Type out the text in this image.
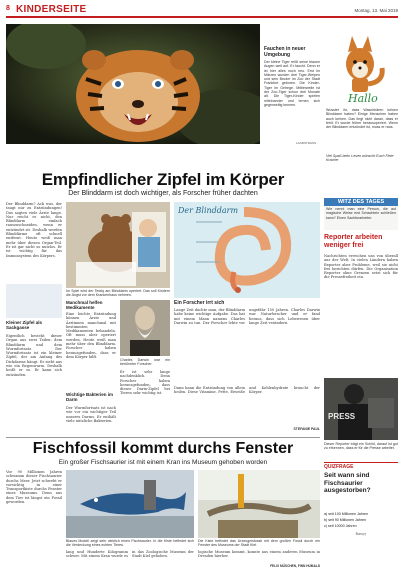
8 KINDERSEITE	Montag, 13. Mai 2019
Fauchen in neuer Umgebung
Der kleine Tiger reißt seine blauen Augen weit auf. Er faucht. Denn er ist hier alles noch neu. Erst im Märzen wurden drei Tiger-Welpen und sein Bruder im Zoo der Stadt Frankfurt geboren. Die Kinder-Tiger im Gehege. Mittlerweile ist der Zoo-Tiger schon drei Monate alt. Die Tiger-Kinder spielen miteinander und lernen sich gegenseitig kennen.
LANDSTRASS
Hallo
Wusstet ihr, dass Waschbären keinen Blinddarm haben? Einige Menschen haben auch keinen. Das liegt nicht daran, dass er fehlt. Er wurde früher herausoperiert. Wenn der Blinddarm entzündet ist, muss er raus.
Viel Spaß beim Lesen wünscht Euch Fiete Kracher
Empfindlicher Zipfel im Körper
Der Blinddarm ist doch wichtiger, als Forscher früher dachten
Der Blinddarm? Ach was, der taugt nur zu Entzündungen! Das sagten viele Ärzte lange. Nur reicht es nicht, den Blinddarm einfach rauszuschneiden, wenn er entzündet ist. Deshalb werden Blinddärme oft schnell entfernt. Heute weiß man mehr über diesen Organ-Teil. Er ist gar nicht so nutzlos. Er ist wichtig für das Immunsystem des Körpers.
Kleiner Zipfel als Sackgasse
Eigentlich besteht dieser Organ aus zwei Teilen: dem Blinddarm und dem Wurmfortsatz. Der Wurmfortsatz ist ein kleiner Zipfel, der am Anfang des Dickdarms hängt. Er sieht aus wie ein Regenwurm. Deshalb heißt er so. Er kann sich entzünden.
Im Spiel wird der Teddy am Blinddarm operiert. Das soll Kindern die Angst vor dem Krankenhaus nehmen.
Manchmal helfen Medikamente
Eine leichte Entzündung können Ärzte und Ärztinnen manchmal mit bestimmten Medikamenten behandeln. Oft muss aber operiert werden. Heute weiß man mehr über den Blinddarm. Forscher haben herausgefunden, dass er dem Körper hilft.
Wichtige Bakterien im Darm
Der Wurmfortsatz ist nach wie vor ein wichtiger Teil unseres Darms. Er enthält viele nützliche Bakterien.
Charles Darwin war ein berühmter Forscher.
Er ist sehr lange nachdenklich. Denn Forscher haben herausgefunden, dass dieser Darm-Zipfel bei Tieren sehr wichtig ist.
Der Blinddarm
Ein Forscher irrt sich
Lange Zeit dachte man, der Blinddarm habe keine wichtige Aufgabe. Das hat mit einem Mann namens Charles Darwin zu tun. Der Forscher lebte vor ungefähr 150 Jahren. Charles Darwin war Naturforscher und er fand heraus, dass sich Lebewesen über lange Zeit verändern.
Dann kann die Entzündung von allein heilen. Diese Vitamine, Fette, Eiweiße und Kohlenhydrate braucht der Körper.
STEFANIE PAUL
WITZ DES TAGES
Wie nennt man eine Person, die auf magische Weise erst Schachteln schließen kann? Einen Sachbearbeiter.
Reporter arbeiten weniger frei
Nachrichten erreichen uns von überall aus der Welt. In vielen Ländern haben Reporter aber Probleme, weil sie nicht frei berichten dürfen. Die Organisation Reporter ohne Grenzen setzt sich für die Pressefreiheit ein.
PRESS
Dieser Reporter trägt ein Schild, darauf ist gut zu erkennen, dass er für die Presse arbeitet.
QUIZFRAGE
Seit wann sind Fischsaurier ausgestorben?
a) seit 100 Millionen Jahren
b) seit 90 Millionen Jahren
c) seit 10000 Jahren
Lösung
Fischfossil kommt durchs Fenster
Ein großer Fischsaurier ist mit einem Kran ins Museum gehoben worden
Vor 90 Millionen Jahren schwamm dieser Fischsaurier durchs Meer. Jetzt schwebt er vorsichtig in einer Transportkiste durchs Fenster eines Museums. Denn aus dem Tier ist längst ein Fossil geworden.
Blaues Modell zeigt sehr wirklich einen Fischsaurier. In die Kiste befindet sich die Verdeckung eines echten Tieres.
lang und Hunderte Kilogramm schwer. Mit einem Kran wurde es in das Zoologische Museum der Stadt Kiel gehoben.
Die Kiste befindet das Urzeugnisfossil mit dem großen Fossil durch ein Fenster des Museums der Stadt Kiel.
logische Museum kommt, konnte aus einem anderen Museum in Dresden hierher.
FELIX MÜSCHEN, FINN HUMALD
